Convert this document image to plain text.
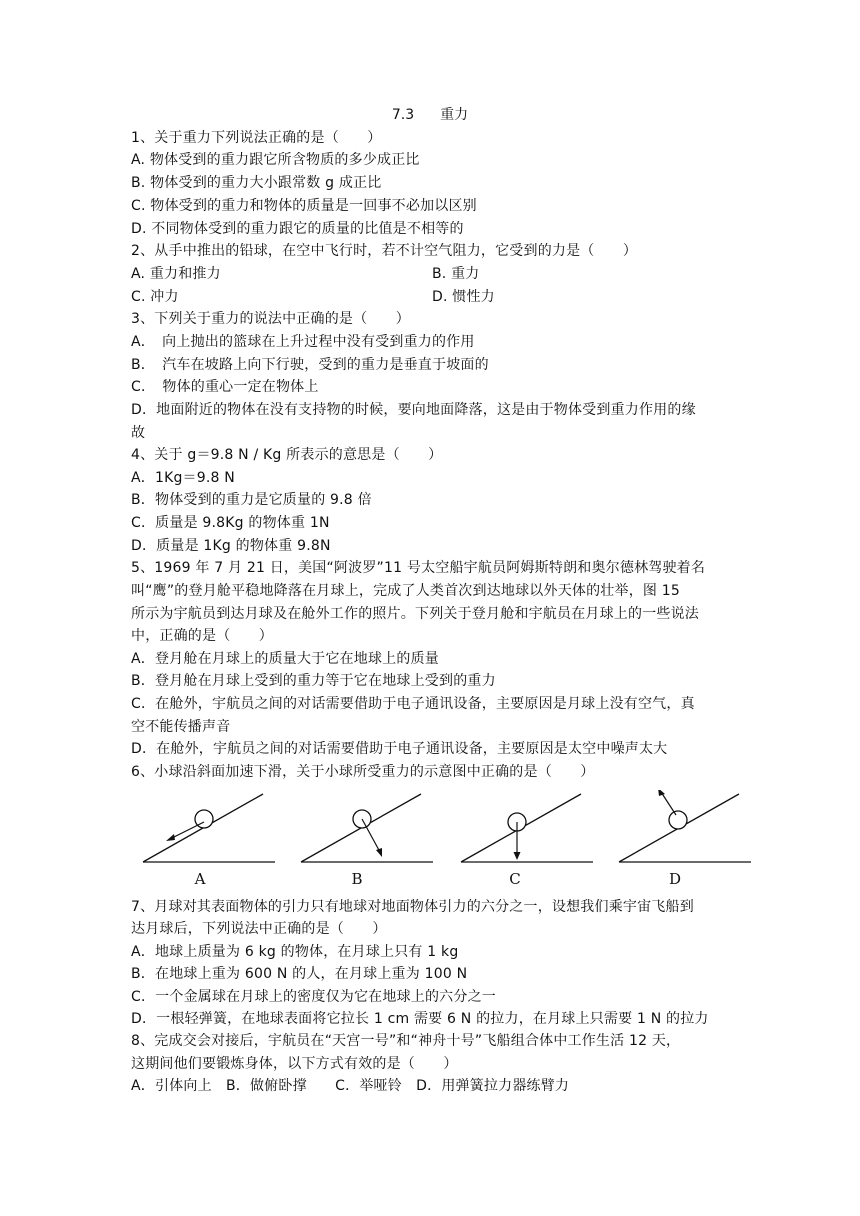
7.3 重力
1、关于重力下列说法正确的是（　　）
A. 物体受到的重力跟它所含物质的多少成正比
B. 物体受到的重力大小跟常数 g 成正比
C. 物体受到的重力和物体的质量是一回事不必加以区别
D. 不同物体受到的重力跟它的质量的比值是不相等的
2、从手中推出的铅球，在空中飞行时，若不计空气阻力，它受到的力是（　　）
A. 重力和推力	B. 重力
C. 冲力	D. 惯性力
3、下列关于重力的说法中正确的是（　　）
A．　向上抛出的篮球在上升过程中没有受到重力的作用
B．　汽车在坡路上向下行驶，受到的重力是垂直于坡面的
C．　物体的重心一定在物体上
D．地面附近的物体在没有支持物的时候，要向地面降落，这是由于物体受到重力作用的缘
故
4、关于 g＝9.8 N / Kg 所表示的意思是（　　）
A．1Kg＝9.8 N
B．物体受到的重力是它质量的 9.8 倍
C．质量是 9.8Kg 的物体重 1N
D．质量是 1Kg 的物体重 9.8N
5、1969 年 7 月 21 日，美国“阿波罗”11 号太空船宇航员阿姆斯特朗和奥尔德林驾驶着名
叫“鹰”的登月舱平稳地降落在月球上，完成了人类首次到达地球以外天体的壮举，图 15
所示为宇航员到达月球及在舱外工作的照片。下列关于登月舱和宇航员在月球上的一些说法
中，正确的是（　　）
A．登月舱在月球上的质量大于它在地球上的质量
B．登月舱在月球上受到的重力等于它在地球上受到的重力
C．在舱外，宇航员之间的对话需要借助于电子通讯设备，主要原因是月球上没有空气，真
空不能传播声音
D．在舱外，宇航员之间的对话需要借助于电子通讯设备，主要原因是太空中噪声太大
6、小球沿斜面加速下滑，关于小球所受重力的示意图中正确的是（　　）
A	B	C	D
7、月球对其表面物体的引力只有地球对地面物体引力的六分之一，设想我们乘宇宙飞船到
达月球后，下列说法中正确的是（　　）
A．地球上质量为 6 kg 的物体，在月球上只有 1 kg
B．在地球上重为 600 N 的人，在月球上重为 100 N
C．一个金属球在月球上的密度仅为它在地球上的六分之一
D．一根轻弹簧，在地球表面将它拉长 1 cm 需要 6 N 的拉力，在月球上只需要 1 N 的拉力
8、完成交会对接后，宇航员在“天宫一号”和“神舟十号”飞船组合体中工作生活 12 天，
这期间他们要锻炼身体，以下方式有效的是（　　）
A．引体向上　B．做俯卧撑　　C．举哑铃　D．用弹簧拉力器练臂力
